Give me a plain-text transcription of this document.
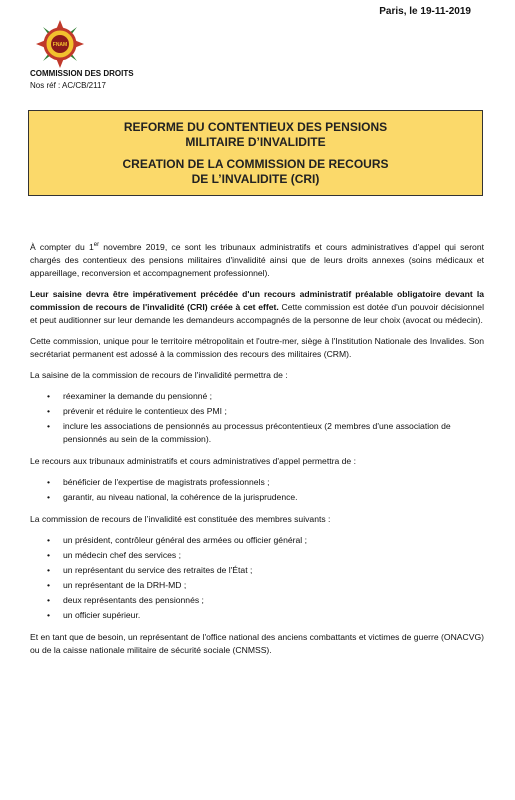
Paris, le 19-11-2019
FNAM
COMMISSION DES DROITS
Nos réf : AC/CB/2117
REFORME DU CONTENTIEUX DES PENSIONS
MILITAIRE D’INVALIDITE
CREATION DE LA COMMISSION DE RECOURS
DE L’INVALIDITE (CRI)

À compter du 1er novembre 2019, ce sont les tribunaux administratifs et cours administratives d'appel qui seront chargés des contentieux des pensions militaires d'invalidité ainsi que de leurs droits annexes (soins médicaux et appareillage, reconversion et accompagnement professionnel).

Leur saisine devra être impérativement précédée d'un recours administratif préalable obligatoire devant la commission de recours de l'invalidité (CRI) créée à cet effet. Cette commission est dotée d'un pouvoir décisionnel et peut auditionner sur leur demande les demandeurs accompagnés de la personne de leur choix (avocat ou médecin).

Cette commission, unique pour le territoire métropolitain et l'outre-mer, siège à l'Institution Nationale des Invalides. Son secrétariat permanent est adossé à la commission des recours des militaires (CRM).

La saisine de la commission de recours de l'invalidité permettra de :

• réexaminer la demande du pensionné ;
• prévenir et réduire le contentieux des PMI ;
• inclure les associations de pensionnés au processus précontentieux (2 membres d'une association de pensionnés au sein de la commission).

Le recours aux tribunaux administratifs et cours administratives d'appel permettra de :

• bénéficier de l'expertise de magistrats professionnels ;
• garantir, au niveau national, la cohérence de la jurisprudence.

La commission de recours de l’invalidité est constituée des membres suivants :

• un président, contrôleur général des armées ou officier général ;
• un médecin chef des services ;
• un représentant du service des retraites de l'État ;
• un représentant de la DRH-MD ;
• deux représentants des pensionnés ;
• un officier supérieur.

Et en tant que de besoin, un représentant de l'office national des anciens combattants et victimes de guerre (ONACVG) ou de la caisse nationale militaire de sécurité sociale (CNMSS).
